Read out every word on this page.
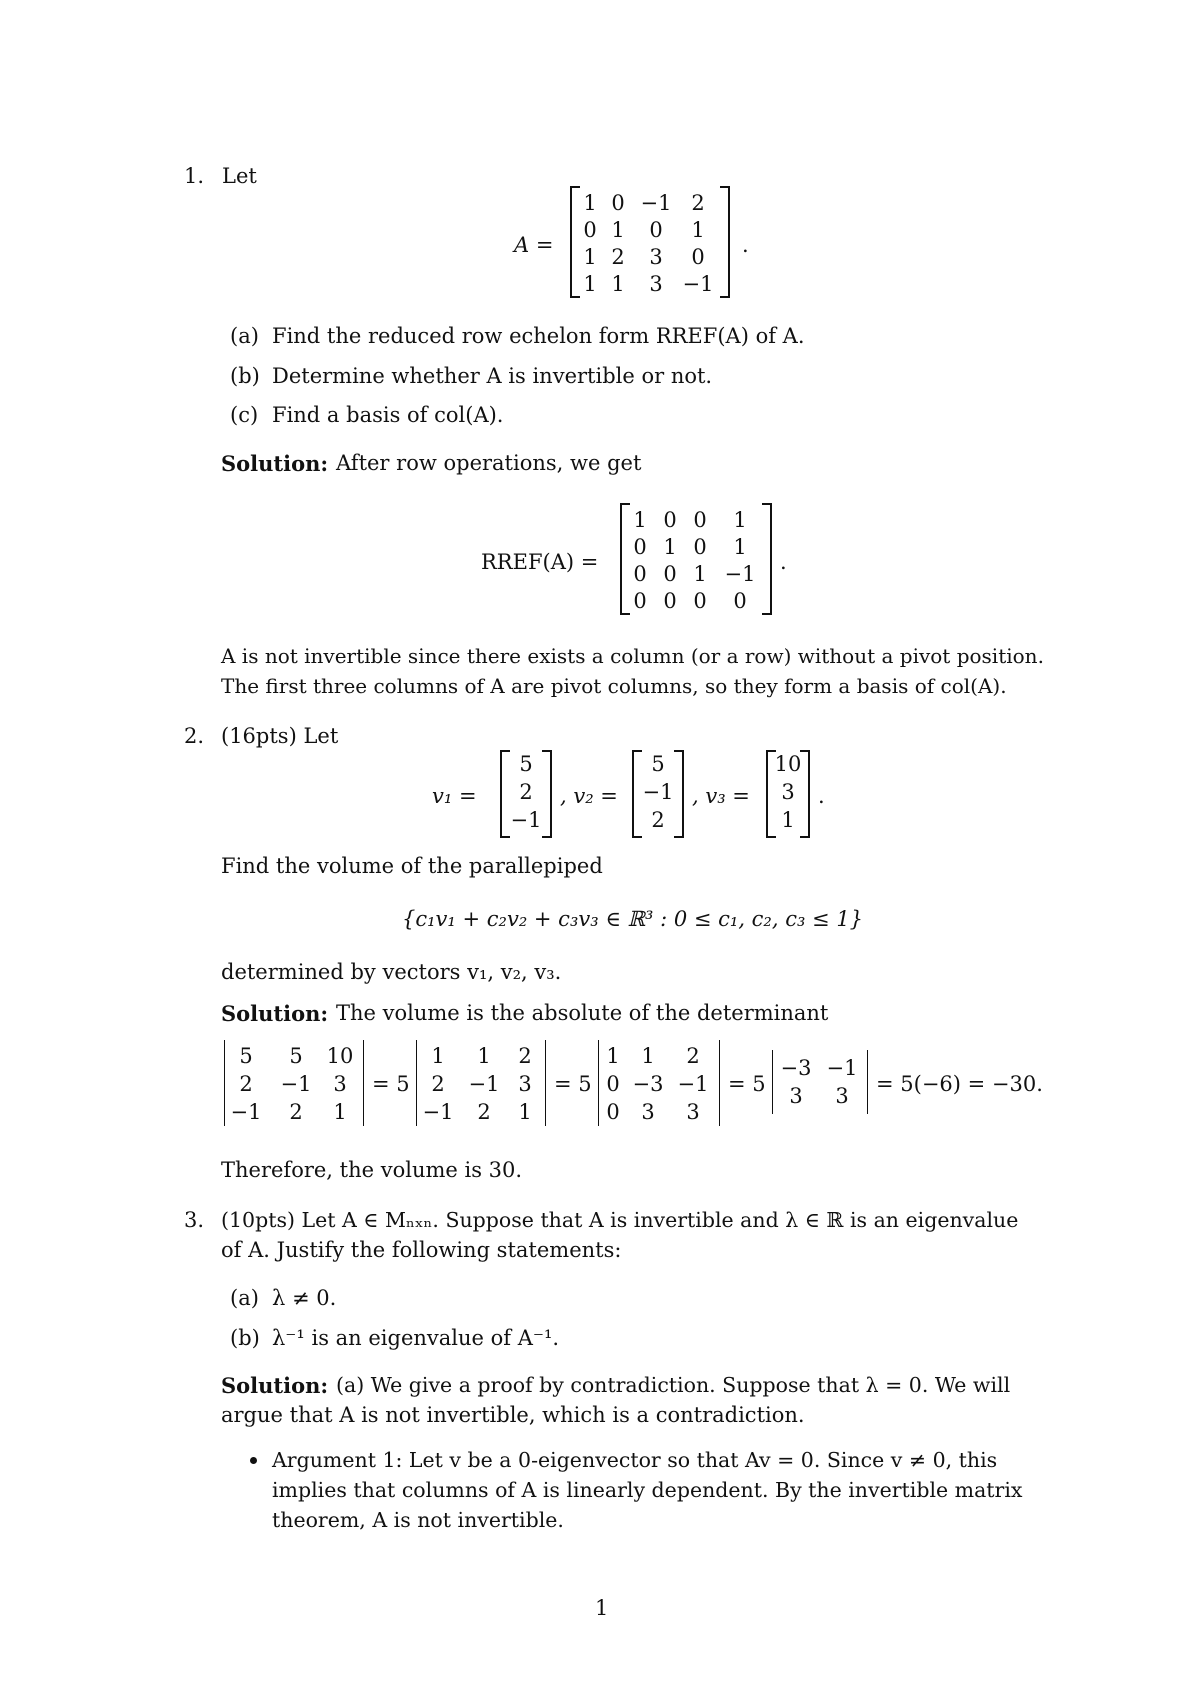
1. Let
A =
1 0 −1 2
0 1	0	1
1 2	3	0
1 1	3 −1
.
(a) Find the reduced row echelon form RREF(A) of A.
(b) Determine whether A is invertible or not.
(c) Find a basis of col(A).
Solution: After row operations, we get
RREF(A) =
1 0 0	1
0 1 0	1
0 0 1 −1
0 0 0	0
.
A is not invertible since there exists a column (or a row) without a pivot position.
The first three columns of A are pivot columns, so they form a basis of col(A).
2. (16pts) Let
v₁ =
5
2
−1
, v₂ =
5
−1
2
, v₃ =
10
3
1
.
Find the volume of the parallepiped
{c₁v₁ + c₂v₂ + c₃v₃ ∈ ℝ³ : 0 ≤ c₁, c₂, c₃ ≤ 1}
determined by vectors v₁, v₂, v₃.
Solution: The volume is the absolute of the determinant
5	5	10
2	−1	3
−1	2	1
= 5
1	1	2
2	−1 3
−1	2	1
= 5
1	1	2
0 −3 −1
0	3	3
= 5
−3 −1
3	3	= 5(−6) = −30.
Therefore, the volume is 30.
3. (10pts) Let A ∈ Mₙₓₙ. Suppose that A is invertible and λ ∈ ℝ is an eigenvalue
of A. Justify the following statements:
(a) λ ≠ 0.
(b) λ⁻¹ is an eigenvalue of A⁻¹.
Solution: (a) We give a proof by contradiction. Suppose that λ = 0. We will
argue that A is not invertible, which is a contradiction.
Argument 1: Let v be a 0-eigenvector so that Av = 0. Since v ≠ 0, this
implies that columns of A is linearly dependent. By the invertible matrix
theorem, A is not invertible.
1
